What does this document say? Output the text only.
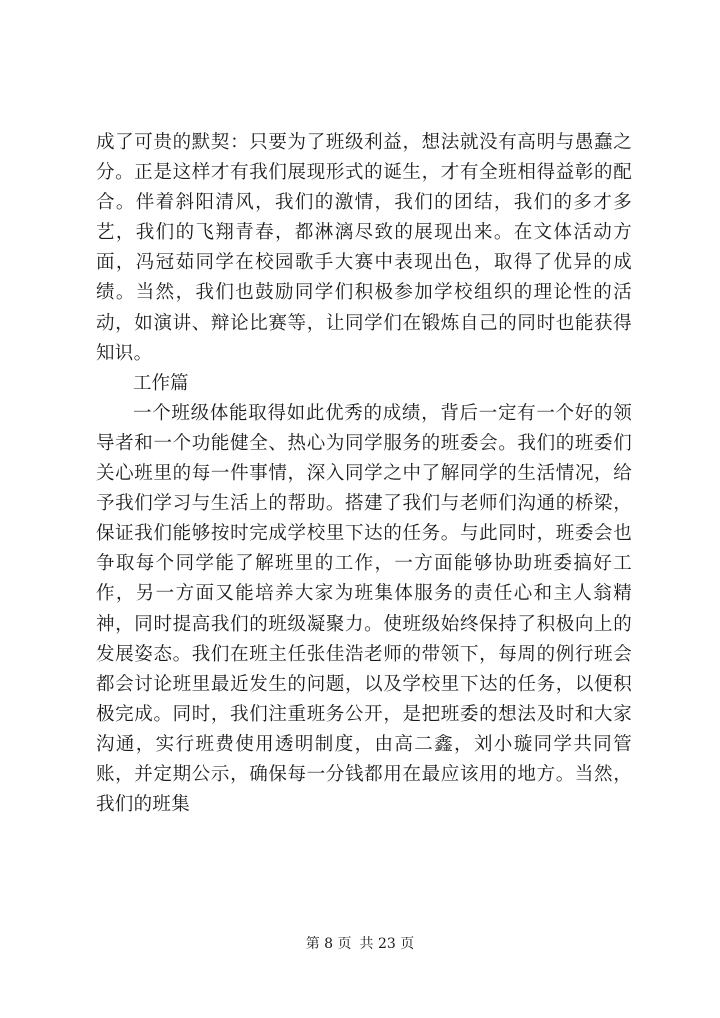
成了可贵的默契：只要为了班级利益，想法就没有高明与愚蠢之分。正是这样才有我们展现形式的诞生，才有全班相得益彰的配合。伴着斜阳清风，我们的激情，我们的团结，我们的多才多艺，我们的飞翔青春，都淋漓尽致的展现出来。在文体活动方面，冯冠茹同学在校园歌手大赛中表现出色，取得了优异的成绩。当然，我们也鼓励同学们积极参加学校组织的理论性的活动，如演讲、辩论比赛等，让同学们在锻炼自己的同时也能获得知识。

工作篇

一个班级体能取得如此优秀的成绩，背后一定有一个好的领导者和一个功能健全、热心为同学服务的班委会。我们的班委们关心班里的每一件事情，深入同学之中了解同学的生活情况，给予我们学习与生活上的帮助。搭建了我们与老师们沟通的桥梁，保证我们能够按时完成学校里下达的任务。与此同时，班委会也争取每个同学能了解班里的工作，一方面能够协助班委搞好工作，另一方面又能培养大家为班集体服务的责任心和主人翁精神，同时提高我们的班级凝聚力。使班级始终保持了积极向上的发展姿态。我们在班主任张佳浩老师的带领下，每周的例行班会都会讨论班里最近发生的问题，以及学校里下达的任务，以便积极完成。同时，我们注重班务公开，是把班委的想法及时和大家沟通，实行班费使用透明制度，由高二鑫，刘小璇同学共同管账，并定期公示，确保每一分钱都用在最应该用的地方。当然，我们的班集

第 8 页 共 23 页
